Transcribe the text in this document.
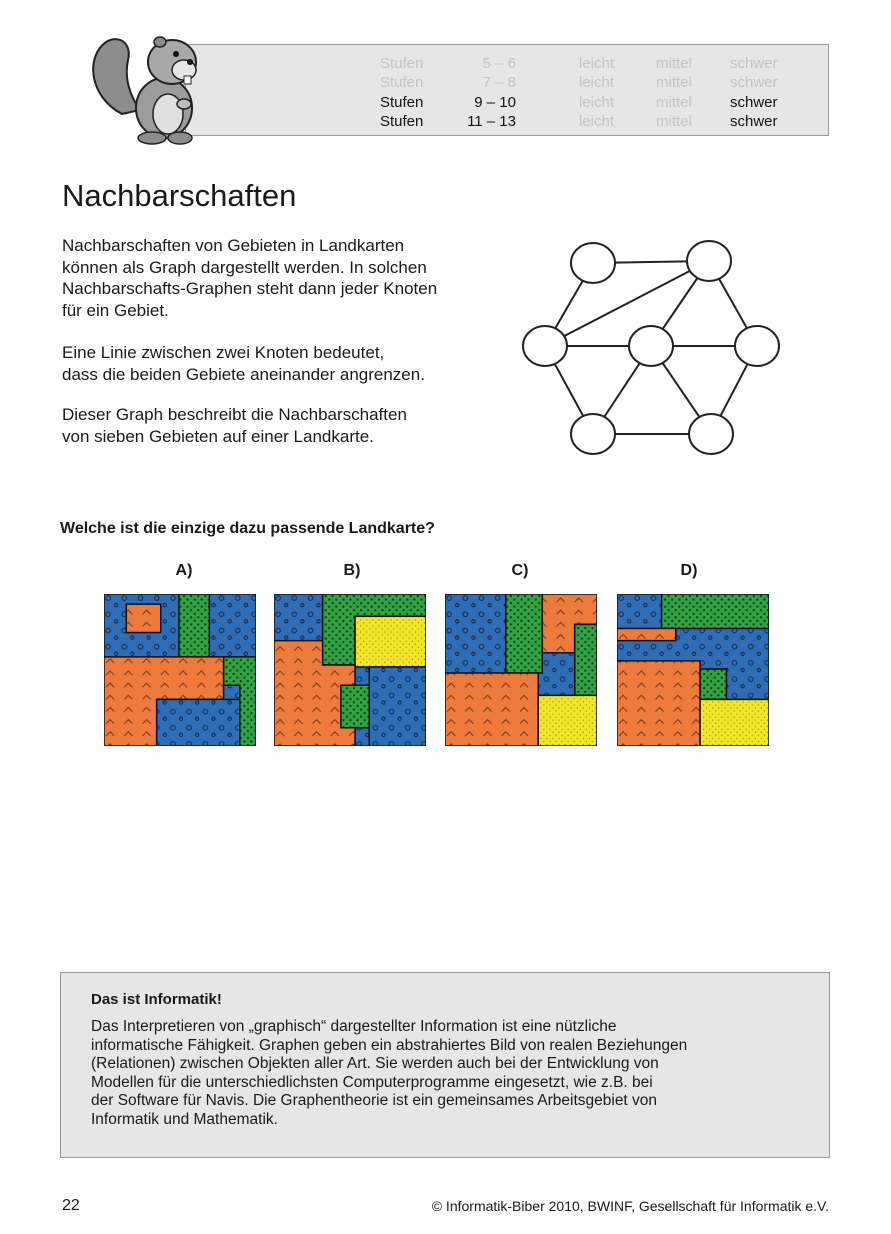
Stufen	5 – 6	leicht	mittel	schwer
Stufen	7 – 8	leicht	mittel	schwer
Stufen	9 – 10	leicht	mittel	schwer
Stufen	11 – 13	leicht	mittel	schwer
Nachbarschaften
Nachbarschaften von Gebieten in Landkarten
können als Graph dargestellt werden. In solchen
Nachbarschafts-Graphen steht dann jeder Knoten
für ein Gebiet.
Eine Linie zwischen zwei Knoten bedeutet,
dass die beiden Gebiete aneinander angrenzen.
Dieser Graph beschreibt die Nachbarschaften
von sieben Gebieten auf einer Landkarte.
Welche ist die einzige dazu passende Landkarte?
A)	B)	C)	D)
Das ist Informatik!
Das Interpretieren von „graphisch“ dargestellter Information ist eine nützliche
informatische Fähigkeit. Graphen geben ein abstrahiertes Bild von realen Beziehungen
(Relationen) zwischen Objekten aller Art. Sie werden auch bei der Entwicklung von
Modellen für die unterschiedlichsten Computerprogramme eingesetzt, wie z.B. bei
der Software für Navis. Die Graphentheorie ist ein gemeinsames Arbeitsgebiet von
Informatik und Mathematik.
22	© Informatik-Biber 2010, BWINF, Gesellschaft für Informatik e.V.
